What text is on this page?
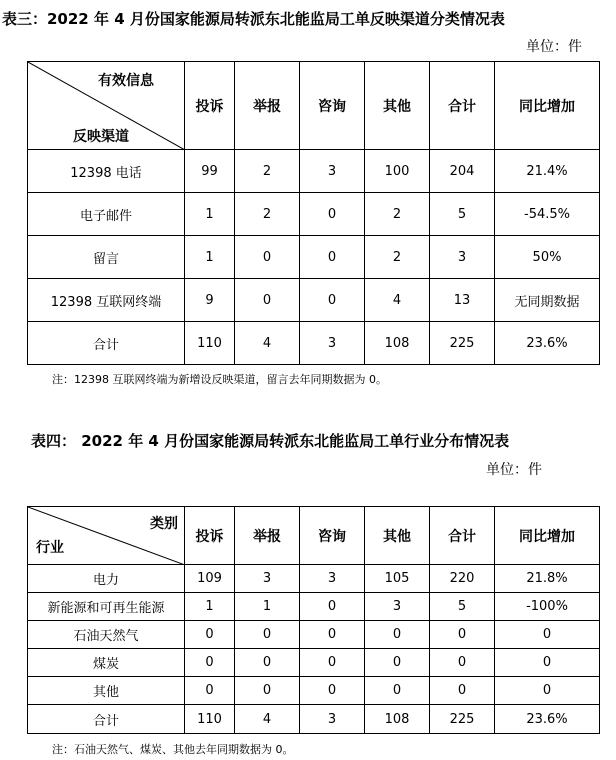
表三：2022 年 4 月份国家能源局转派东北能监局工单反映渠道分类情况表
单位：件
有效信息
反映渠道	投诉	举报	咨询	其他	合计	同比增加
12398 电话	99	2	3	100	204	21.4%
电子邮件	1	2	0	2	5	-54.5%
留言	1	0	0	2	3	50%
12398 互联网终端	9	0	0	4	13	无同期数据
合计	110	4	3	108	225	23.6%
注：12398 互联网终端为新增设反映渠道，留言去年同期数据为 0。
表四： 2022 年 4 月份国家能源局转派东北能监局工单行业分布情况表
单位：件
类别
行业	投诉	举报	咨询	其他	合计	同比增加
电力	109	3	3	105	220	21.8%
新能源和可再生能源	1	1	0	3	5	-100%
石油天然气	0	0	0	0	0	0
煤炭	0	0	0	0	0	0
其他	0	0	0	0	0	0
合计	110	4	3	108	225	23.6%
注：石油天然气、煤炭、其他去年同期数据为 0。
